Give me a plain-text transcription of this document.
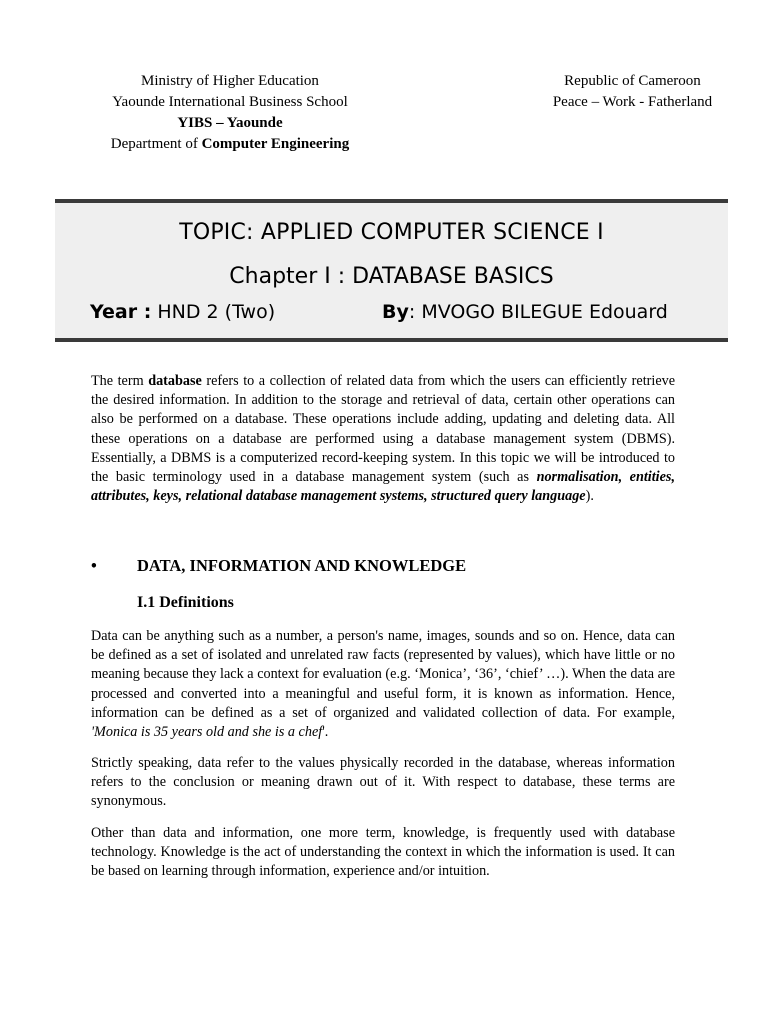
Ministry of Higher Education
Yaounde International Business School
YIBS – Yaounde
Department of Computer Engineering
Republic of Cameroon
Peace – Work - Fatherland
TOPIC: APPLIED COMPUTER SCIENCE I
Chapter I : DATABASE BASICS
Year : HND 2 (Two)	By: MVOGO BILEGUE Edouard
The term database refers to a collection of related data from which the users can efficiently retrieve the desired information. In addition to the storage and retrieval of data, certain other operations can also be performed on a database. These operations include adding, updating and deleting data. All these operations on a database are performed using a database management system (DBMS). Essentially, a DBMS is a computerized record-keeping system. In this topic we will be introduced to the basic terminology used in a database management system (such as normalisation, entities, attributes, keys, relational database management systems, structured query language).
• DATA, INFORMATION AND KNOWLEDGE
I.1 Definitions
Data can be anything such as a number, a person's name, images, sounds and so on. Hence, data can be defined as a set of isolated and unrelated raw facts (represented by values), which have little or no meaning because they lack a context for evaluation (e.g. ‘Monica’, ‘36’, ‘chief’ …). When the data are processed and converted into a meaningful and useful form, it is known as information. Hence, information can be defined as a set of organized and validated collection of data. For example, 'Monica is 35 years old and she is a chef'.
Strictly speaking, data refer to the values physically recorded in the database, whereas information refers to the conclusion or meaning drawn out of it. With respect to database, these terms are synonymous.
Other than data and information, one more term, knowledge, is frequently used with database technology. Knowledge is the act of understanding the context in which the information is used. It can be based on learning through information, experience and/or intuition.
